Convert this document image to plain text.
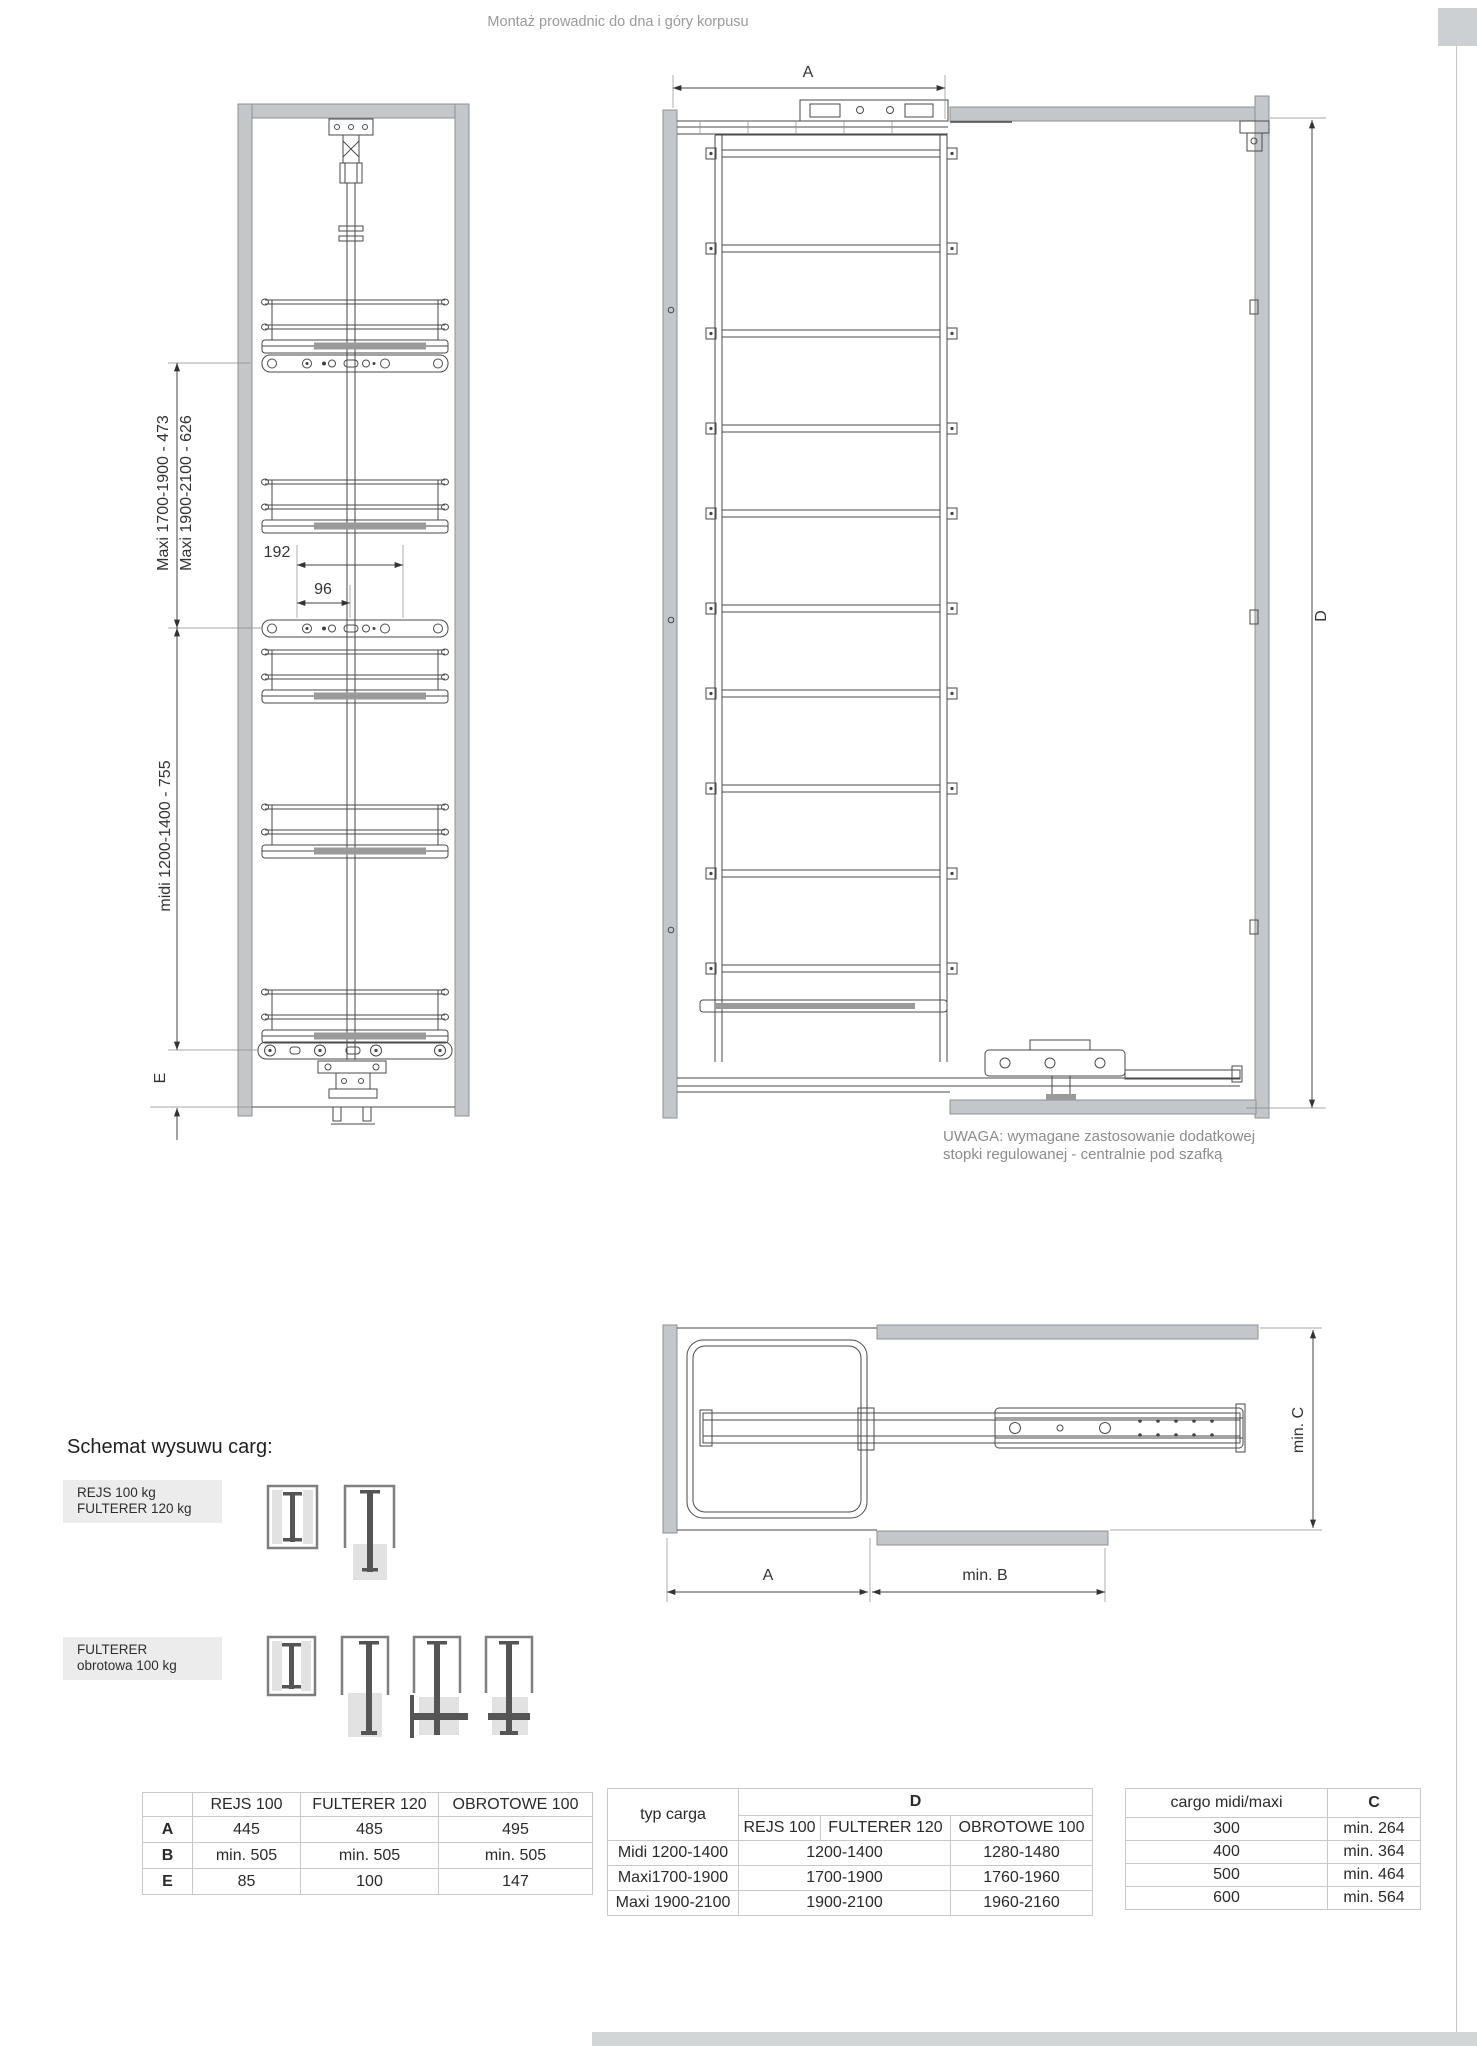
Montaż prowadnic do dna i góry korpusu
Maxi 1700-1900 - 473 Maxi 1900-2100 - 626
midi 1200-1400 - 755
E
192
96
A
D
A	min. B
min. C
UWAGA: wymagane zastosowanie dodatkowej
stopki regulowanej - centralnie pod szafką
Schemat wysuwu carg:
REJS 100 kg
FULTERER 120 kg
FULTERER
obrotowa 100 kg
	REJS 100	FULTERER 120	OBROTOWE 100
A	445	485	495
B	min. 505	min. 505	min. 505
E	85	100	147
typ carga	D		
	REJS 100	FULTERER 120	OBROTOWE 100
Midi 1200-1400	1200-1400		1280-1480
Maxi1700-1900	1700-1900		1760-1960
Maxi 1900-2100	1900-2100		1960-2160
cargo midi/maxi	C
300	min. 264
400	min. 364
500	min. 464
600	min. 564
